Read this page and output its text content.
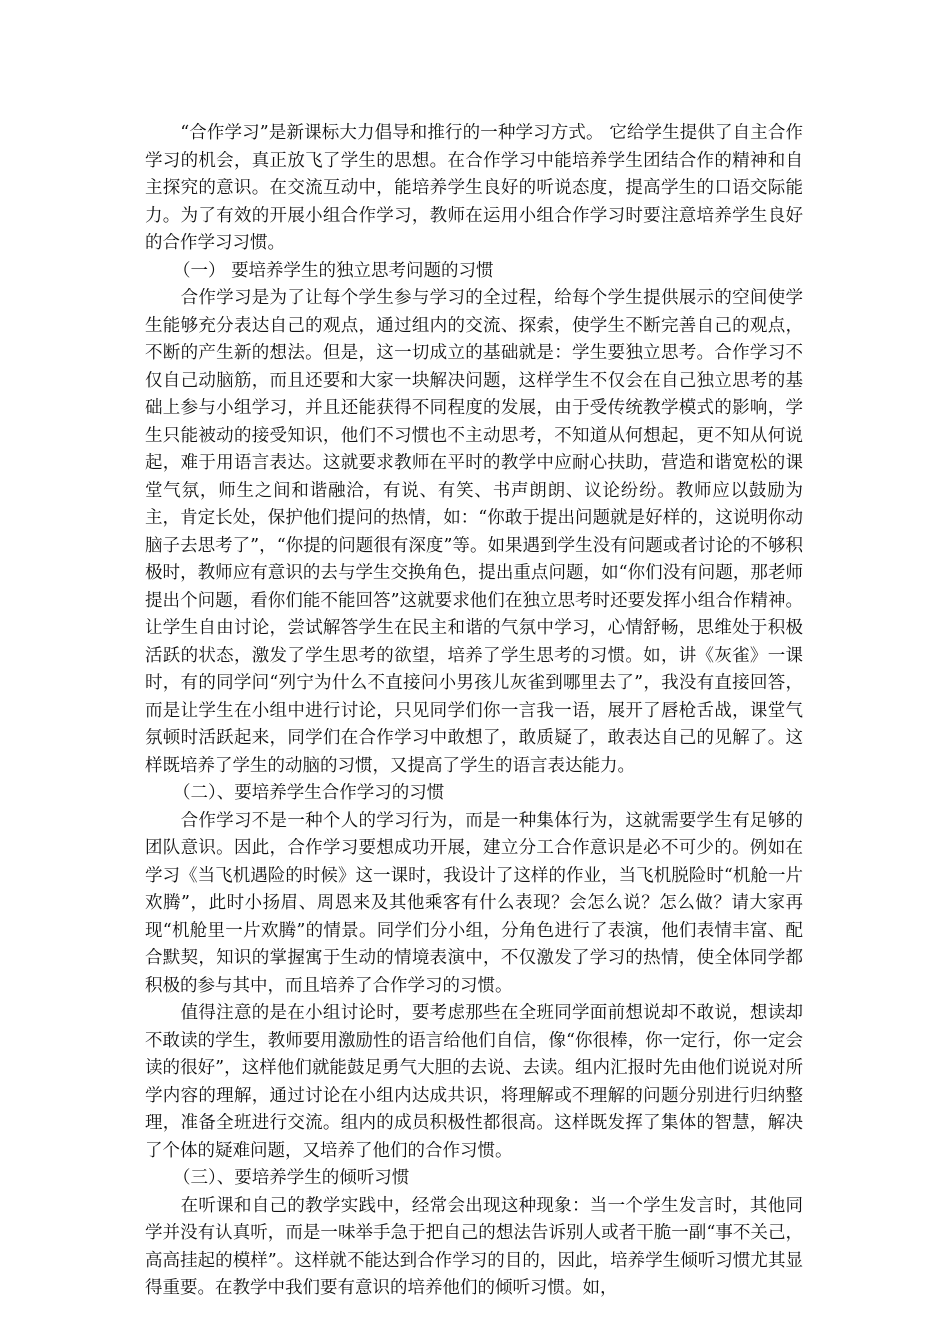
　　“合作学习”是新课标大力倡导和推行的一种学习方式。 它给学生提供了自主合作学习的机会，真正放飞了学生的思想。在合作学习中能培养学生团结合作的精神和自主探究的意识。在交流互动中，能培养学生良好的听说态度，提高学生的口语交际能力。为了有效的开展小组合作学习，教师在运用小组合作学习时要注意培养学生良好的合作学习习惯。

（一） 要培养学生的独立思考问题的习惯

　　合作学习是为了让每个学生参与学习的全过程，给每个学生提供展示的空间使学生能够充分表达自己的观点，通过组内的交流、探索，使学生不断完善自己的观点，不断的产生新的想法。但是，这一切成立的基础就是：学生要独立思考。合作学习不仅自己动脑筋，而且还要和大家一块解决问题，这样学生不仅会在自己独立思考的基础上参与小组学习，并且还能获得不同程度的发展，由于受传统教学模式的影响，学生只能被动的接受知识，他们不习惯也不主动思考，不知道从何想起，更不知从何说起，难于用语言表达。这就要求教师在平时的教学中应耐心扶助，营造和谐宽松的课堂气氛，师生之间和谐融洽，有说、有笑、书声朗朗、议论纷纷。教师应以鼓励为主，肯定长处，保护他们提问的热情，如：“你敢于提出问题就是好样的，这说明你动脑子去思考了”，“你提的问题很有深度”等。如果遇到学生没有问题或者讨论的不够积极时，教师应有意识的去与学生交换角色，提出重点问题，如“你们没有问题，那老师提出个问题，看你们能不能回答”这就要求他们在独立思考时还要发挥小组合作精神。让学生自由讨论，尝试解答学生在民主和谐的气氛中学习，心情舒畅，思维处于积极活跃的状态，激发了学生思考的欲望，培养了学生思考的习惯。如，讲《灰雀》一课时，有的同学问“列宁为什么不直接问小男孩儿灰雀到哪里去了”，我没有直接回答，而是让学生在小组中进行讨论，只见同学们你一言我一语，展开了唇枪舌战，课堂气氛顿时活跃起来，同学们在合作学习中敢想了，敢质疑了，敢表达自己的见解了。这样既培养了学生的动脑的习惯，又提高了学生的语言表达能力。

（二）、要培养学生合作学习的习惯

　　合作学习不是一种个人的学习行为，而是一种集体行为，这就需要学生有足够的团队意识。因此，合作学习要想成功开展，建立分工合作意识是必不可少的。例如在学习《当飞机遇险的时候》这一课时，我设计了这样的作业，当飞机脱险时“机舱一片欢腾”，此时小扬眉、周恩来及其他乘客有什么表现？会怎么说？怎么做？请大家再现“机舱里一片欢腾”的情景。同学们分小组，分角色进行了表演，他们表情丰富、配合默契，知识的掌握寓于生动的情境表演中，不仅激发了学习的热情，使全体同学都积极的参与其中，而且培养了合作学习的习惯。

　　值得注意的是在小组讨论时，要考虑那些在全班同学面前想说却不敢说，想读却不敢读的学生，教师要用激励性的语言给他们自信，像“你很棒，你一定行，你一定会读的很好”，这样他们就能鼓足勇气大胆的去说、去读。组内汇报时先由他们说说对所学内容的理解，通过讨论在小组内达成共识，将理解或不理解的问题分别进行归纳整理，准备全班进行交流。组内的成员积极性都很高。这样既发挥了集体的智慧，解决了个体的疑难问题，又培养了他们的合作习惯。

（三）、要培养学生的倾听习惯

　　在听课和自己的教学实践中，经常会出现这种现象：当一个学生发言时，其他同学并没有认真听，而是一味举手急于把自己的想法告诉别人或者干脆一副“事不关己，高高挂起的模样”。这样就不能达到合作学习的目的，因此，培养学生倾听习惯尤其显得重要。在教学中我们要有意识的培养他们的倾听习惯。如，
